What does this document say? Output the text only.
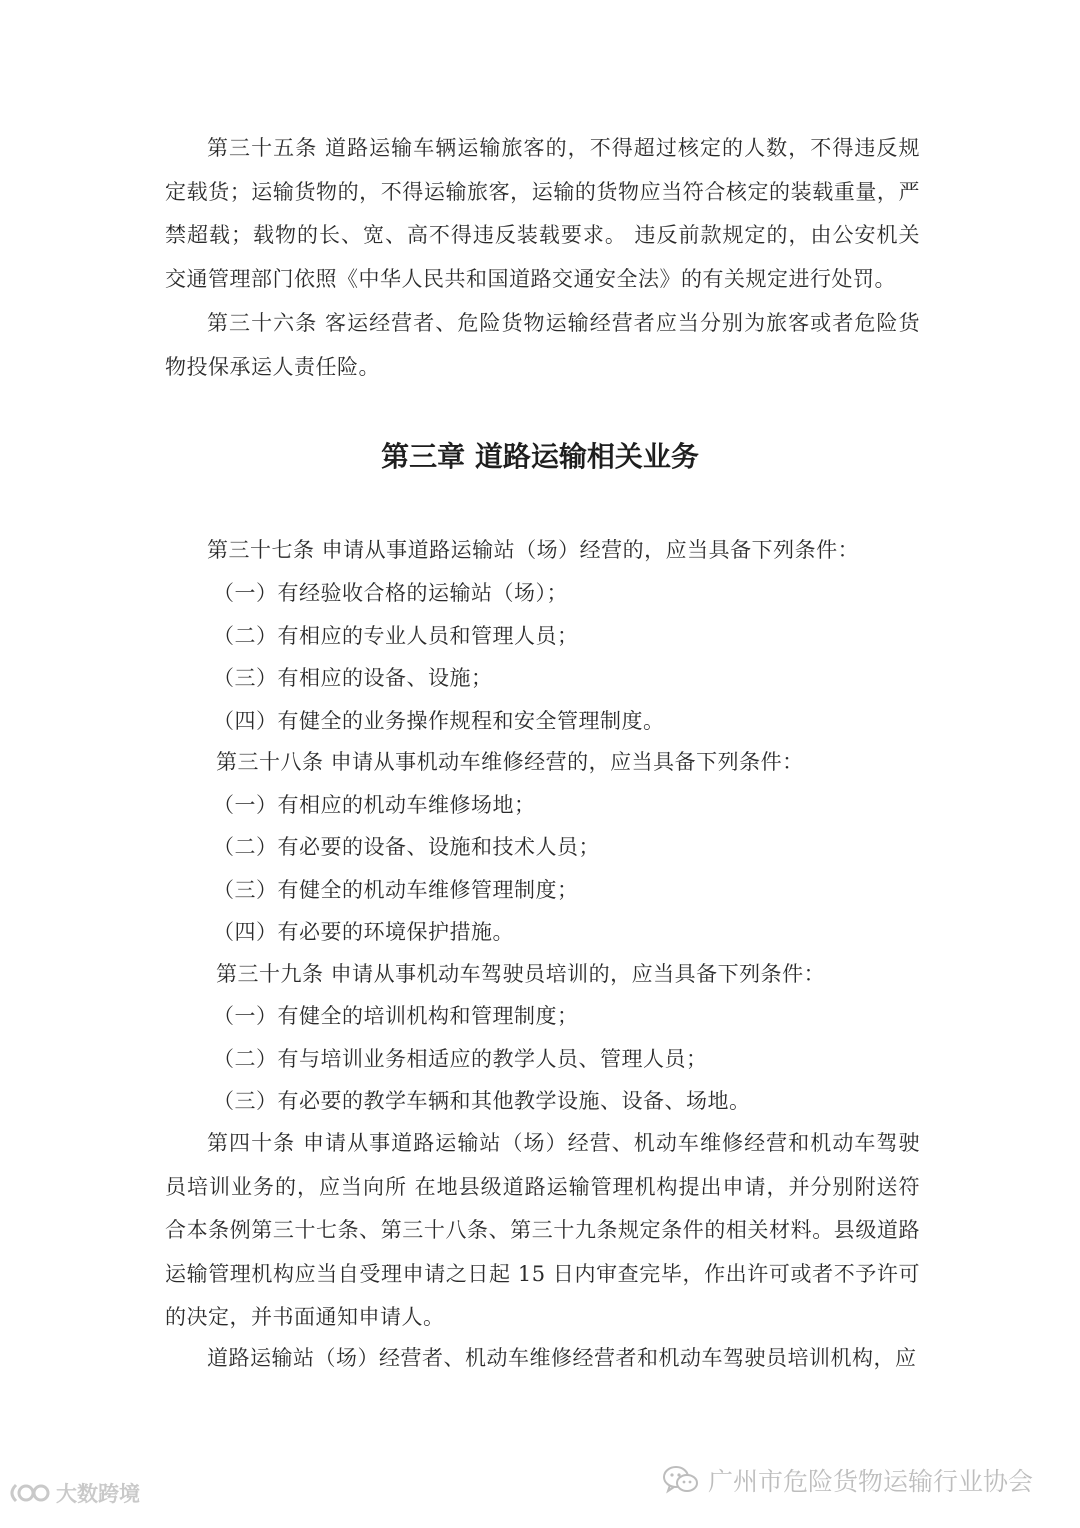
第三十五条 道路运输车辆运输旅客的，不得超过核定的人数，不得违反规定载货；运输货物的，不得运输旅客，运输的货物应当符合核定的装载重量，严禁超载；载物的长、宽、高不得违反装载要求。 违反前款规定的，由公安机关交通管理部门依照《中华人民共和国道路交通安全法》的有关规定进行处罚。

第三十六条 客运经营者、危险货物运输经营者应当分别为旅客或者危险货物投保承运人责任险。

第三章 道路运输相关业务

第三十七条 申请从事道路运输站（场）经营的，应当具备下列条件：

（一）有经验收合格的运输站（场）；

（二）有相应的专业人员和管理人员；

（三）有相应的设备、设施；

（四）有健全的业务操作规程和安全管理制度。

第三十八条 申请从事机动车维修经营的，应当具备下列条件：

（一）有相应的机动车维修场地；

（二）有必要的设备、设施和技术人员；

（三）有健全的机动车维修管理制度；

（四）有必要的环境保护措施。

第三十九条 申请从事机动车驾驶员培训的，应当具备下列条件：

（一）有健全的培训机构和管理制度；

（二）有与培训业务相适应的教学人员、管理人员；

（三）有必要的教学车辆和其他教学设施、设备、场地。

第四十条 申请从事道路运输站（场）经营、机动车维修经营和机动车驾驶员培训业务的，应当向所 在地县级道路运输管理机构提出申请，并分别附送符合本条例第三十七条、第三十八条、第三十九条规定条件的相关材料。县级道路运输管理机构应当自受理申请之日起 15 日内审查完毕，作出许可或者不予许可的决定，并书面通知申请人。

道路运输站（场）经营者、机动车维修经营者和机动车驾驶员培训机构，应

大数跨境	广州市危险货物运输行业协会
